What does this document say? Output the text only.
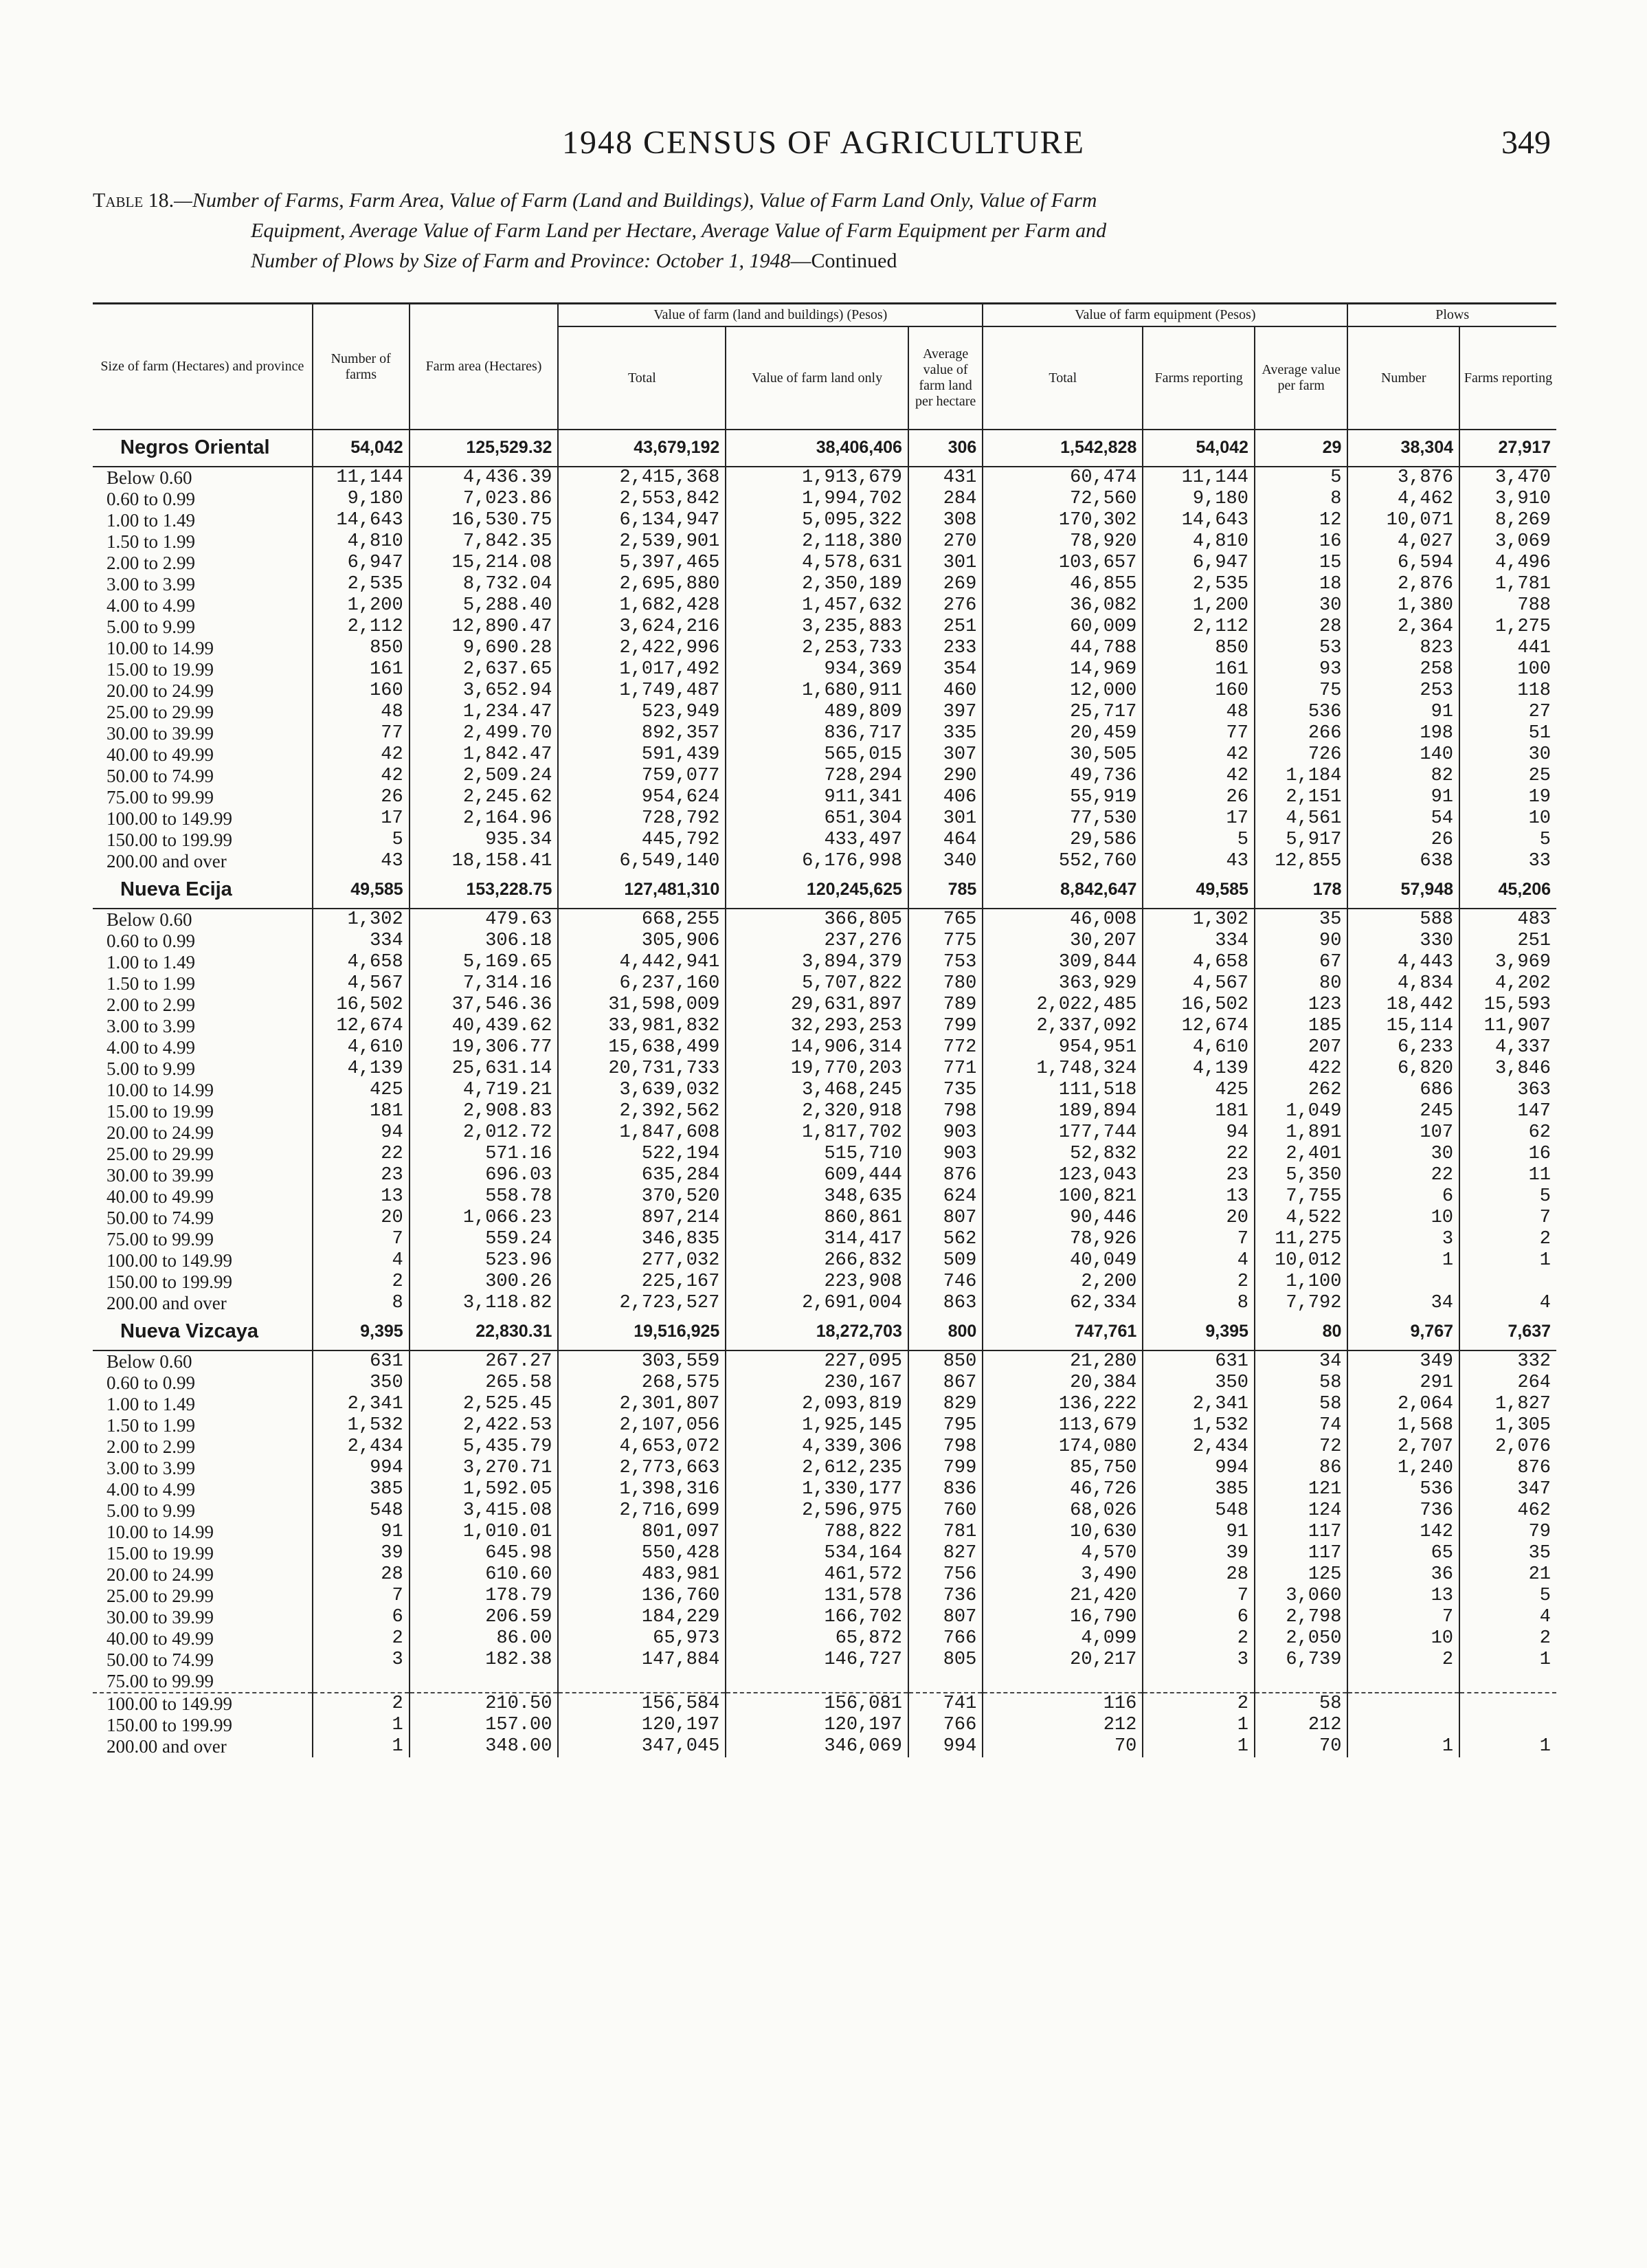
1948 CENSUS OF AGRICULTURE	349
Table 18.—Number of Farms, Farm Area, Value of Farm (Land and Buildings), Value of Farm Land Only, Value of Farm
Equipment, Average Value of Farm Land per Hectare, Average Value of Farm Equipment per Farm and
Number of Plows by Size of Farm and Province: October 1, 1948—Continued
Size of farm (Hectares) and province	Number of farms	Farm area (Hectares)	Value of farm (land and buildings) (Pesos)			Value of farm equipment (Pesos)			Plows	
			Total	Value of farm land only	Average value of farm land per hectare	Total	Farms reporting	Average value per farm	Number	Farms reporting
Negros Oriental	54,042	125,529.32	43,679,192	38,406,406	306	1,542,828	54,042	29	38,304	27,917

Below 0.60	11,144	4,436.39	2,415,368	1,913,679	431	60,474	11,144	5	3,876	3,470
0.60 to 0.99	9,180	7,023.86	2,553,842	1,994,702	284	72,560	9,180	8	4,462	3,910
1.00 to 1.49	14,643	16,530.75	6,134,947	5,095,322	308	170,302	14,643	12	10,071	8,269
1.50 to 1.99	4,810	7,842.35	2,539,901	2,118,380	270	78,920	4,810	16	4,027	3,069
2.00 to 2.99	6,947	15,214.08	5,397,465	4,578,631	301	103,657	6,947	15	6,594	4,496
3.00 to 3.99	2,535	8,732.04	2,695,880	2,350,189	269	46,855	2,535	18	2,876	1,781
4.00 to 4.99	1,200	5,288.40	1,682,428	1,457,632	276	36,082	1,200	30	1,380	788
5.00 to 9.99	2,112	12,890.47	3,624,216	3,235,883	251	60,009	2,112	28	2,364	1,275
10.00 to 14.99	850	9,690.28	2,422,996	2,253,733	233	44,788	850	53	823	441
15.00 to 19.99	161	2,637.65	1,017,492	934,369	354	14,969	161	93	258	100
20.00 to 24.99	160	3,652.94	1,749,487	1,680,911	460	12,000	160	75	253	118
25.00 to 29.99	48	1,234.47	523,949	489,809	397	25,717	48	536	91	27
30.00 to 39.99	77	2,499.70	892,357	836,717	335	20,459	77	266	198	51
40.00 to 49.99	42	1,842.47	591,439	565,015	307	30,505	42	726	140	30
50.00 to 74.99	42	2,509.24	759,077	728,294	290	49,736	42	1,184	82	25
75.00 to 99.99	26	2,245.62	954,624	911,341	406	55,919	26	2,151	91	19
100.00 to 149.99	17	2,164.96	728,792	651,304	301	77,530	17	4,561	54	10
150.00 to 199.99	5	935.34	445,792	433,497	464	29,586	5	5,917	26	5
200.00 and over	43	18,158.41	6,549,140	6,176,998	340	552,760	43	12,855	638	33

Nueva Ecija	49,585	153,228.75	127,481,310	120,245,625	785	8,842,647	49,585	178	57,948	45,206

Below 0.60	1,302	479.63	668,255	366,805	765	46,008	1,302	35	588	483
0.60 to 0.99	334	306.18	305,906	237,276	775	30,207	334	90	330	251
1.00 to 1.49	4,658	5,169.65	4,442,941	3,894,379	753	309,844	4,658	67	4,443	3,969
1.50 to 1.99	4,567	7,314.16	6,237,160	5,707,822	780	363,929	4,567	80	4,834	4,202
2.00 to 2.99	16,502	37,546.36	31,598,009	29,631,897	789	2,022,485	16,502	123	18,442	15,593
3.00 to 3.99	12,674	40,439.62	33,981,832	32,293,253	799	2,337,092	12,674	185	15,114	11,907
4.00 to 4.99	4,610	19,306.77	15,638,499	14,906,314	772	954,951	4,610	207	6,233	4,337
5.00 to 9.99	4,139	25,631.14	20,731,733	19,770,203	771	1,748,324	4,139	422	6,820	3,846
10.00 to 14.99	425	4,719.21	3,639,032	3,468,245	735	111,518	425	262	686	363
15.00 to 19.99	181	2,908.83	2,392,562	2,320,918	798	189,894	181	1,049	245	147
20.00 to 24.99	94	2,012.72	1,847,608	1,817,702	903	177,744	94	1,891	107	62
25.00 to 29.99	22	571.16	522,194	515,710	903	52,832	22	2,401	30	16
30.00 to 39.99	23	696.03	635,284	609,444	876	123,043	23	5,350	22	11
40.00 to 49.99	13	558.78	370,520	348,635	624	100,821	13	7,755	6	5
50.00 to 74.99	20	1,066.23	897,214	860,861	807	90,446	20	4,522	10	7
75.00 to 99.99	7	559.24	346,835	314,417	562	78,926	7	11,275	3	2
100.00 to 149.99	4	523.96	277,032	266,832	509	40,049	4	10,012	1	1
150.00 to 199.99	2	300.26	225,167	223,908	746	2,200	2	1,100		
200.00 and over	8	3,118.82	2,723,527	2,691,004	863	62,334	8	7,792	34	4

Nueva Vizcaya	9,395	22,830.31	19,516,925	18,272,703	800	747,761	9,395	80	9,767	7,637

Below 0.60	631	267.27	303,559	227,095	850	21,280	631	34	349	332
0.60 to 0.99	350	265.58	268,575	230,167	867	20,384	350	58	291	264
1.00 to 1.49	2,341	2,525.45	2,301,807	2,093,819	829	136,222	2,341	58	2,064	1,827
1.50 to 1.99	1,532	2,422.53	2,107,056	1,925,145	795	113,679	1,532	74	1,568	1,305
2.00 to 2.99	2,434	5,435.79	4,653,072	4,339,306	798	174,080	2,434	72	2,707	2,076
3.00 to 3.99	994	3,270.71	2,773,663	2,612,235	799	85,750	994	86	1,240	876
4.00 to 4.99	385	1,592.05	1,398,316	1,330,177	836	46,726	385	121	536	347
5.00 to 9.99	548	3,415.08	2,716,699	2,596,975	760	68,026	548	124	736	462
10.00 to 14.99	91	1,010.01	801,097	788,822	781	10,630	91	117	142	79
15.00 to 19.99	39	645.98	550,428	534,164	827	4,570	39	117	65	35
20.00 to 24.99	28	610.60	483,981	461,572	756	3,490	28	125	36	21
25.00 to 29.99	7	178.79	136,760	131,578	736	21,420	7	3,060	13	5
30.00 to 39.99	6	206.59	184,229	166,702	807	16,790	6	2,798	7	4
40.00 to 49.99	2	86.00	65,973	65,872	766	4,099	2	2,050	10	2
50.00 to 74.99	3	182.38	147,884	146,727	805	20,217	3	6,739	2	1
75.00 to 99.99										
100.00 to 149.99	2	210.50	156,584	156,081	741	116	2	58		
150.00 to 199.99	1	157.00	120,197	120,197	766	212	1	212		
200.00 and over	1	348.00	347,045	346,069	994	70	1	70	1	1
